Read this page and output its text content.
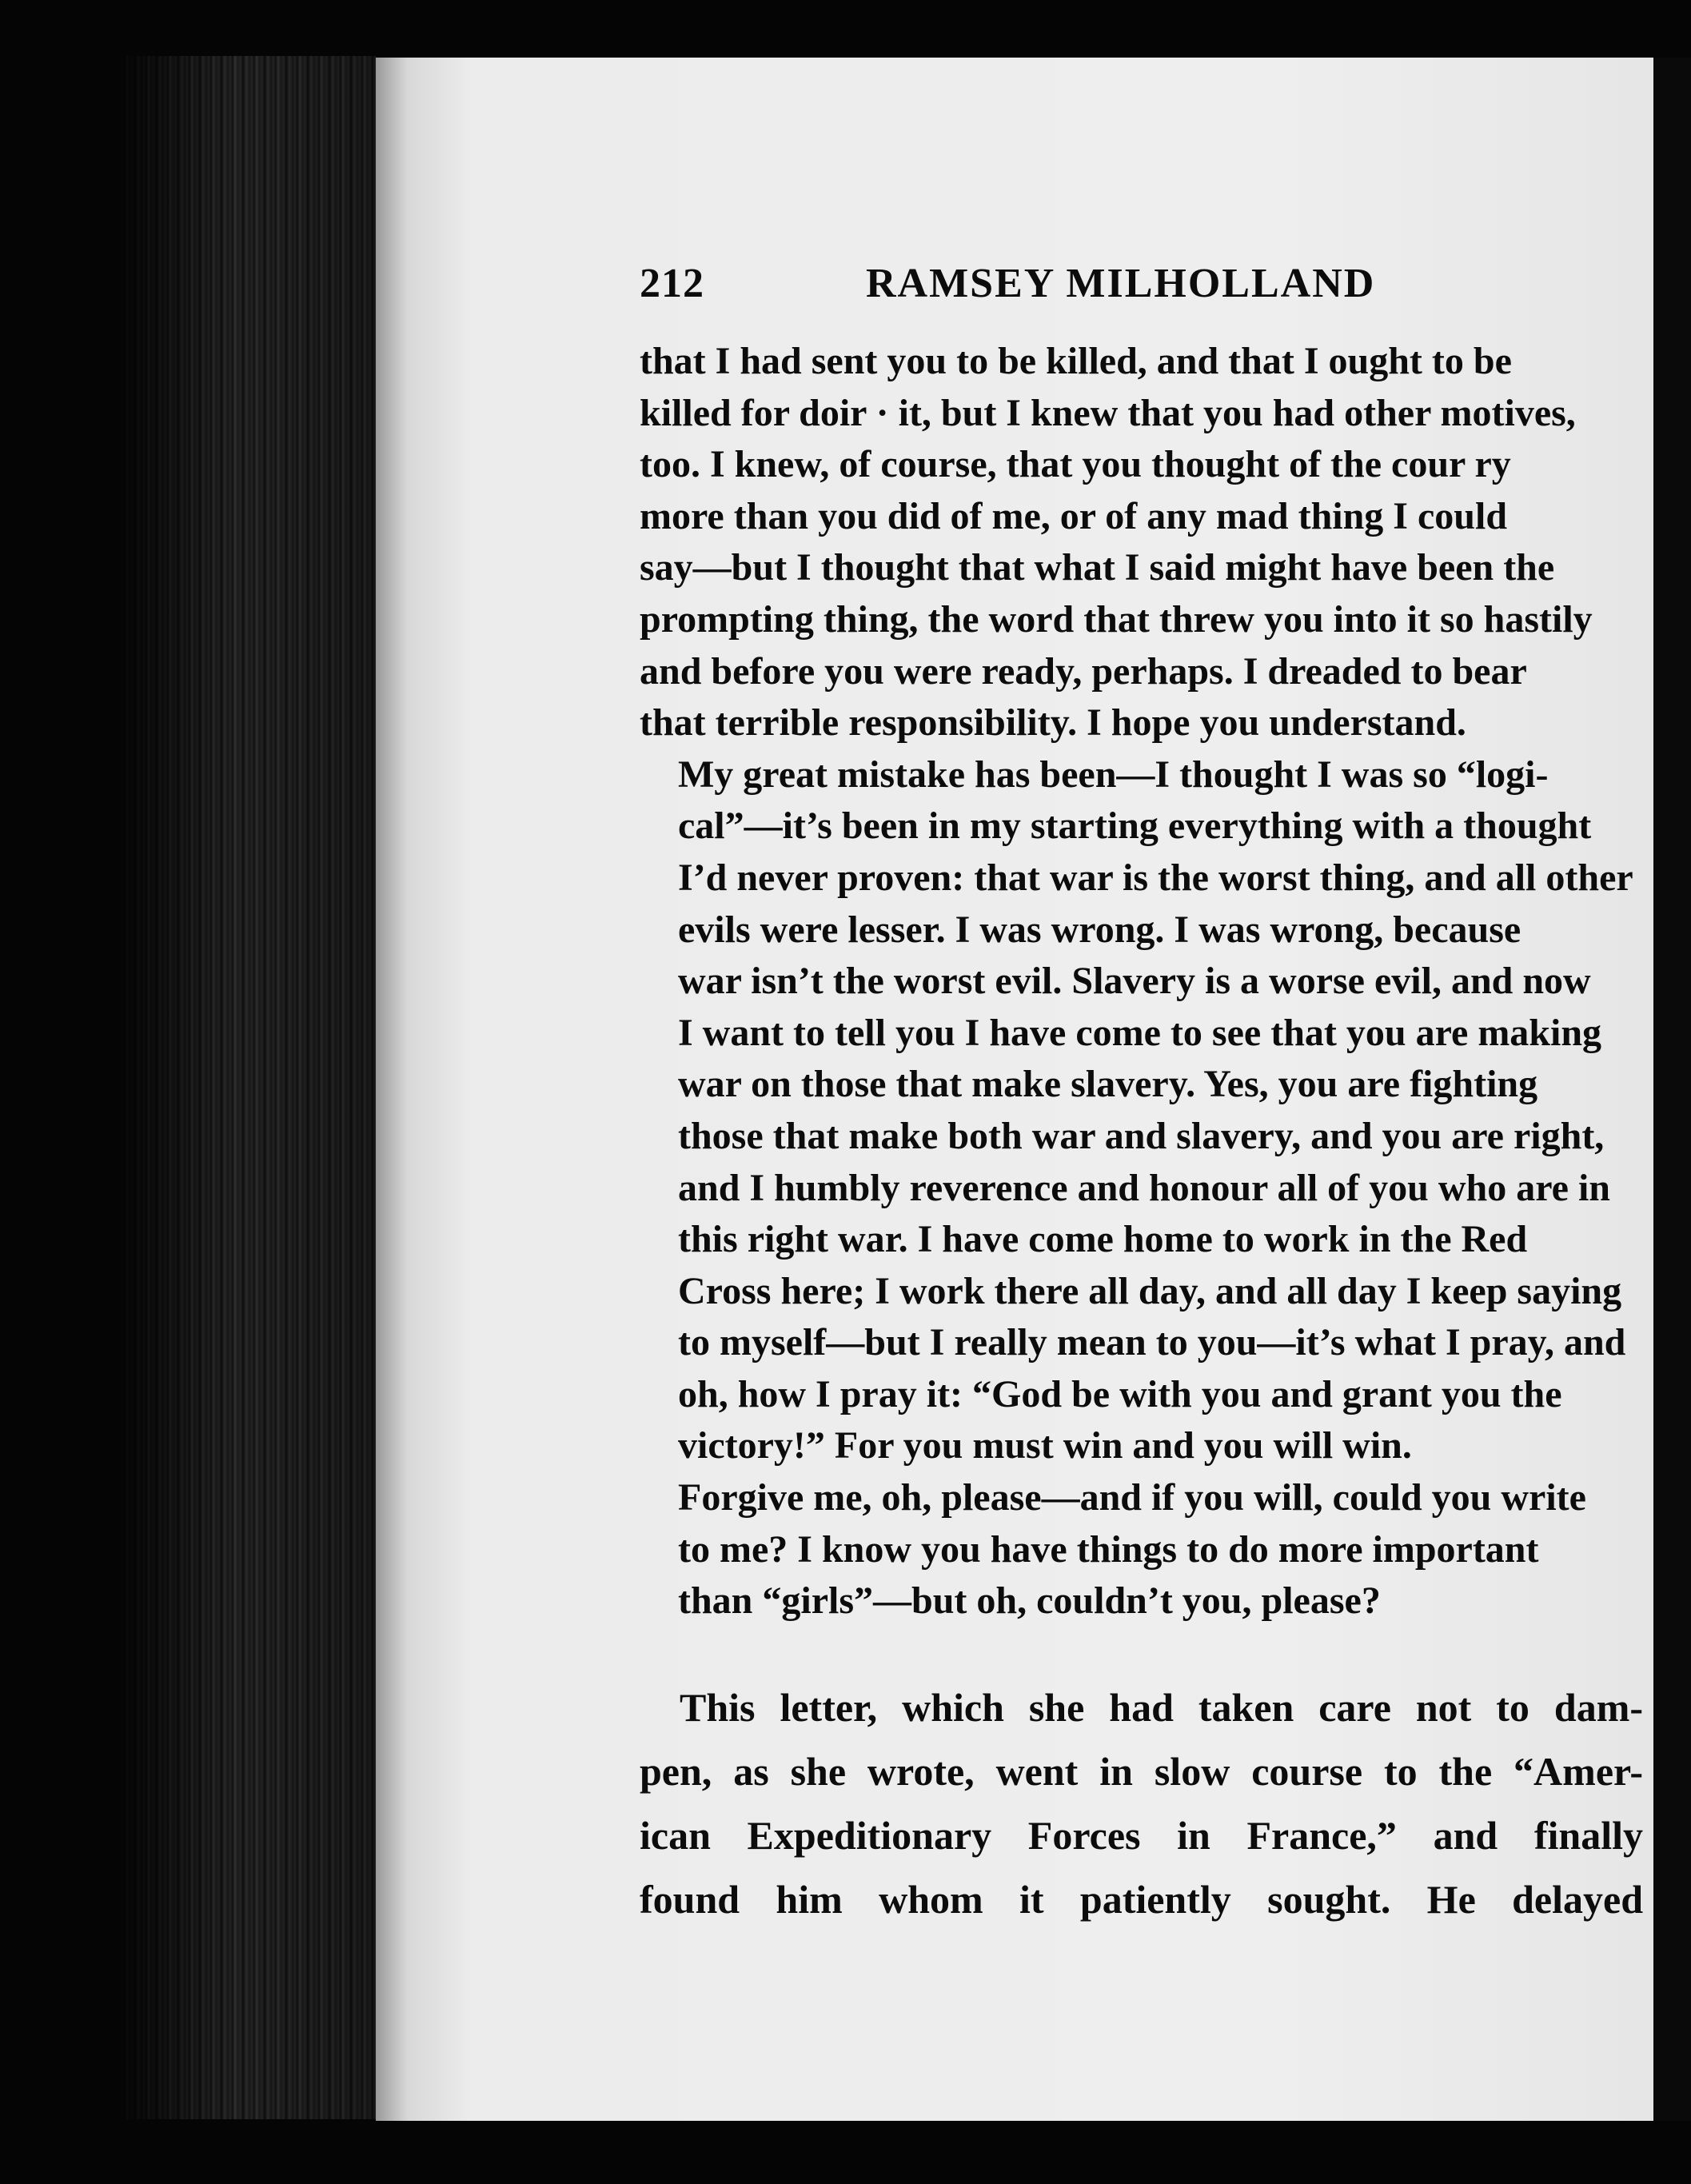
212	RAMSEY MILHOLLAND

that I had sent you to be killed, and that I ought to be
killed for doir · it, but I knew that you had other motives,
too. I knew, of course, that you thought of the cour ry
more than you did of me, or of any mad thing I could
say—but I thought that what I said might have been the
prompting thing, the word that threw you into it so hastily
and before you were ready, perhaps. I dreaded to bear
that terrible responsibility. I hope you understand.

My great mistake has been—I thought I was so “logi-
cal”—it’s been in my starting everything with a thought
I’d never proven: that war is the worst thing, and all other
evils were lesser. I was wrong. I was wrong, because
war isn’t the worst evil. Slavery is a worse evil, and now
I want to tell you I have come to see that you are making
war on those that make slavery. Yes, you are fighting
those that make both war and slavery, and you are right,
and I humbly reverence and honour all of you who are in
this right war. I have come home to work in the Red
Cross here; I work there all day, and all day I keep saying
to myself—but I really mean to you—it’s what I pray, and
oh, how I pray it: “God be with you and grant you the
victory!” For you must win and you will win.

Forgive me, oh, please—and if you will, could you write
to me? I know you have things to do more important
than “girls”—but oh, couldn’t you, please?

This letter, which she had taken care not to dam-
pen, as she wrote, went in slow course to the “Amer-
ican Expeditionary Forces in France,” and finally
found him whom it patiently sought. He delayed
